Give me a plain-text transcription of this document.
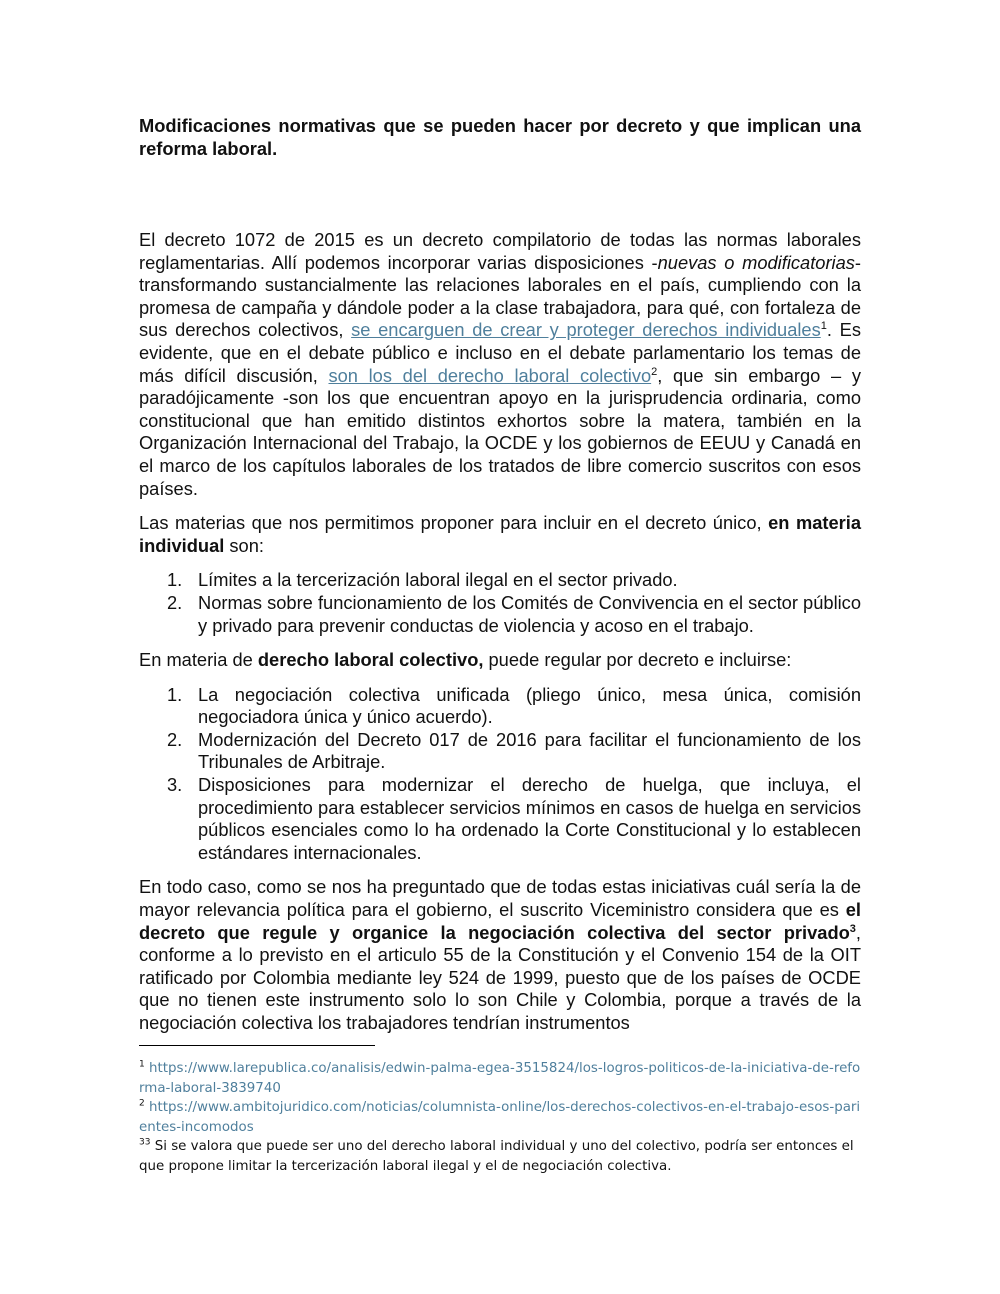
Modificaciones normativas que se pueden hacer por decreto y que implican una reforma laboral.

El decreto 1072 de 2015 es un decreto compilatorio de todas las normas laborales reglamentarias. Allí podemos incorporar varias disposiciones -nuevas o modificatorias- transformando sustancialmente las relaciones laborales en el país, cumpliendo con la promesa de campaña y dándole poder a la clase trabajadora, para qué, con fortaleza de sus derechos colectivos, se encarguen de crear y proteger derechos individuales$^1$. Es evidente, que en el debate público e incluso en el debate parlamentario los temas de más difícil discusión, son los del derecho laboral colectivo$^2$, que sin embargo – y paradójicamente -son los que encuentran apoyo en la jurisprudencia ordinaria, como constitucional que han emitido distintos exhortos sobre la matera, también en la Organización Internacional del Trabajo, la OCDE y los gobiernos de EEUU y Canadá en el marco de los capítulos laborales de los tratados de libre comercio suscritos con esos países.

Las materias que nos permitimos proponer para incluir en el decreto único, en materia individual son:

1. Límites a la tercerización laboral ilegal en el sector privado.
2. Normas sobre funcionamiento de los Comités de Convivencia en el sector público y privado para prevenir conductas de violencia y acoso en el trabajo.

En materia de derecho laboral colectivo, puede regular por decreto e incluirse:

1. La negociación colectiva unificada (pliego único, mesa única, comisión negociadora única y único acuerdo).
2. Modernización del Decreto 017 de 2016 para facilitar el funcionamiento de los Tribunales de Arbitraje.
3. Disposiciones para modernizar el derecho de huelga, que incluya, el procedimiento para establecer servicios mínimos en casos de huelga en servicios públicos esenciales como lo ha ordenado la Corte Constitucional y lo establecen estándares internacionales.

En todo caso, como se nos ha preguntado que de todas estas iniciativas cuál sería la de mayor relevancia política para el gobierno, el suscrito Viceministro considera que es el decreto que regule y organice la negociación colectiva del sector privado$^3$, conforme a lo previsto en el articulo 55 de la Constitución y el Convenio 154 de la OIT ratificado por Colombia mediante ley 524 de 1999, puesto que de los países de OCDE que no tienen este instrumento solo lo son Chile y Colombia, porque a través de la negociación colectiva los trabajadores tendrían instrumentos

$^1$ https://www.larepublica.co/analisis/edwin-palma-egea-3515824/los-logros-politicos-de-la-iniciativa-de-reforma-laboral-3839740

$^2$ https://www.ambitojuridico.com/noticias/columnista-online/los-derechos-colectivos-en-el-trabajo-esos-parientes-incomodos

$^{33}$ Si se valora que puede ser uno del derecho laboral individual y uno del colectivo, podría ser entonces el que propone limitar la tercerización laboral ilegal y el de negociación colectiva.
